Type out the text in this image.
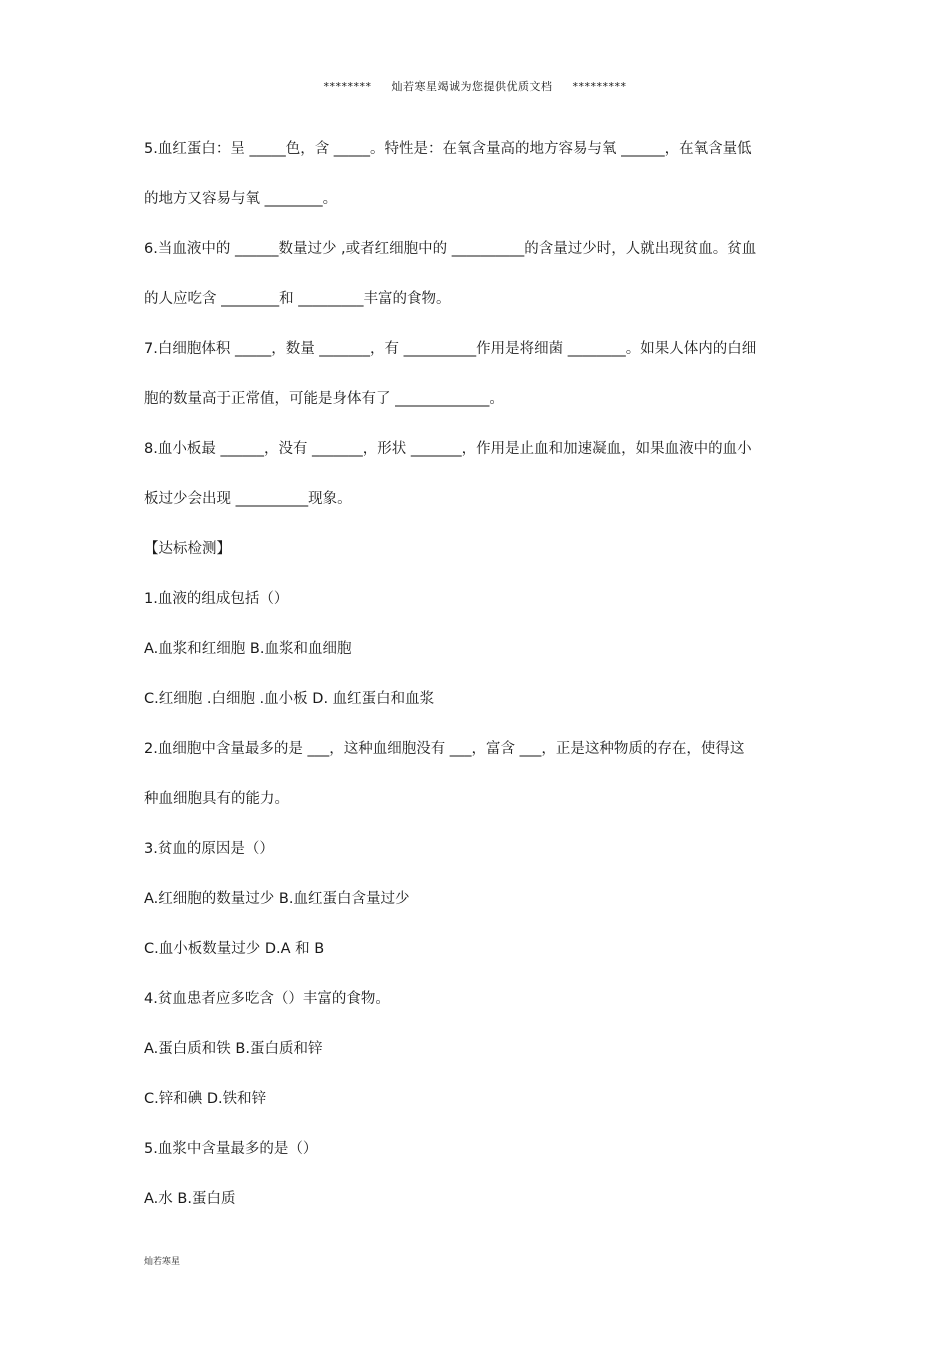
******** 灿若寒星竭诚为您提供优质文档 *********
5.血红蛋白：呈 _____色，含 _____。特性是：在氧含量高的地方容易与氧 ______，在氧含量低
的地方又容易与氧 ________。
6.当血液中的 ______数量过少 ,或者红细胞中的 __________的含量过少时，人就出现贫血。贫血
的人应吃含 ________和 _________丰富的食物。
7.白细胞体积 _____，数量 _______，有 __________作用是将细菌 ________。如果人体内的白细
胞的数量高于正常值，可能是身体有了 _____________。
8.血小板最 ______，没有 _______，形状 _______，作用是止血和加速凝血，如果血液中的血小
板过少会出现 __________现象。
【达标检测】
1.血液的组成包括（）
A.血浆和红细胞 B.血浆和血细胞
C.红细胞 .白细胞 .血小板 D. 血红蛋白和血浆
2.血细胞中含量最多的是 ___，这种血细胞没有 ___，富含 ___，正是这种物质的存在，使得这
种血细胞具有的能力。
3.贫血的原因是（）
A.红细胞的数量过少 B.血红蛋白含量过少
C.血小板数量过少 D.A 和 B
4.贫血患者应多吃含（）丰富的食物。
A.蛋白质和铁 B.蛋白质和锌
C.锌和碘 D.铁和锌
5.血浆中含量最多的是（）
A.水 B.蛋白质
灿若寒星
